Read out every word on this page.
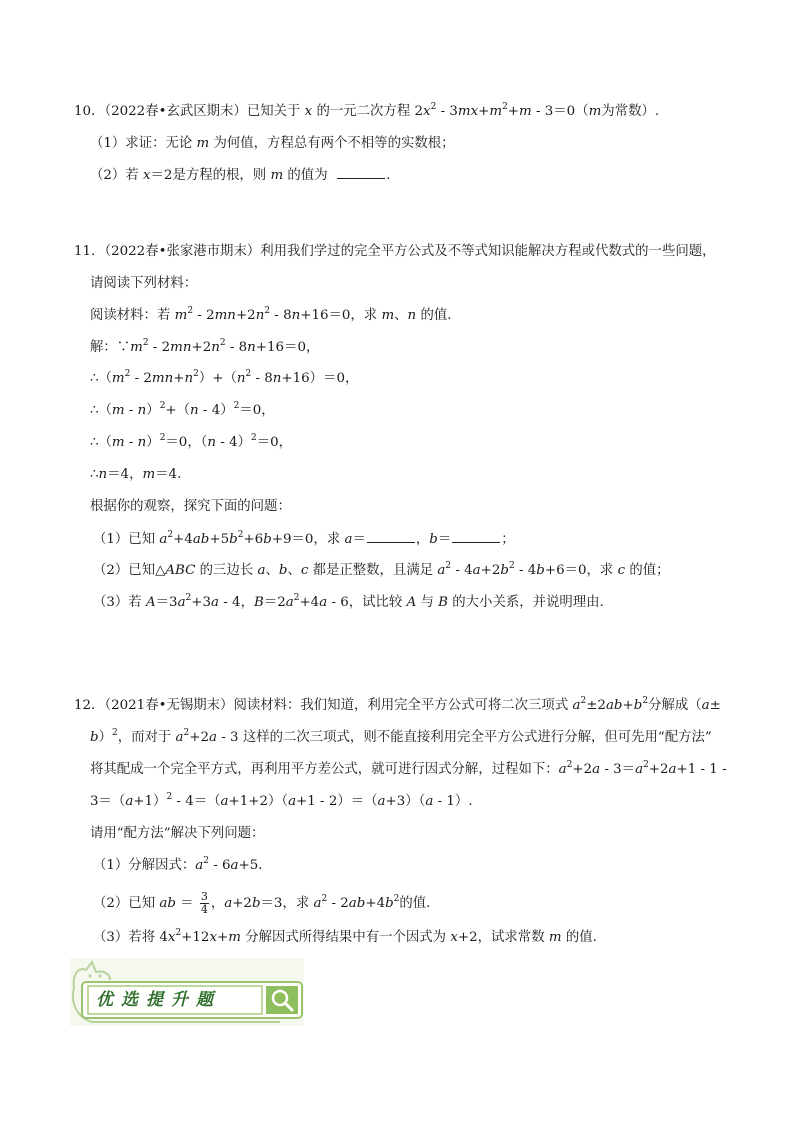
10．（2022春•玄武区期末）已知关于 x 的一元二次方程 $2x^2 - 3mx+m^2+m - 3=0(m$为常数）.
（1）求证：无论 m 为何值，方程总有两个不相等的实数根；
（2）若 x＝2是方程的根，则 m 的值为	.
11．（2022春•张家港市期末）利用我们学过的完全平方公式及不等式知识能解决方程或代数式的一些问题，
请阅读下列材料：
阅读材料：若 $m^2 - 2mn+2n^2 - 8n+16=0$，求 m、n 的值.
解：$\because m^2 - 2mn+2n^2 - 8n+16=0$，
$\therefore(m^2 - 2mn+n^2)+(n^2 - 8n+16)=0$，
∴（m - n）$^2$+（n - 4）$^2$＝0，
∴（m - n）$^2$＝0，（n - 4）$^2$＝0，
∴n＝4，m＝4.
根据你的观察，探究下面的问题：
（1）已知 $a^2+4ab+5b^2+6b+9=0$，求 a＝	，b＝	；
（2）已知△ABC 的三边长 a、b、c 都是正整数，且满足 $a^2 - 4a+2b^2 - 4b+6=0$，求 c 的值；
（3）若 $A=3a^2+3a - 4$，$B=2a^2+4a - 6$，试比较 A 与 B 的大小关系，并说明理由.
12．（2021春•无锡期末）阅读材料：我们知道，利用完全平方公式可将二次三项式 $a^2\pm 2ab+b^2$分解成（a±
b）$^2$，而对于 $a^2+2a - 3$ 这样的二次三项式，则不能直接利用完全平方公式进行分解，但可先用“配方法”
将其配成一个完全平方式，再利用平方差公式，就可进行因式分解，过程如下：$a^2+2a - 3=a^2+2a+1 - 1$ -
$3=(a+1)^2 - 4=(a+1+2)(a+1 - 2)=(a+3)(a - 1)$.
请用“配方法”解决下列问题：
（1）分解因式：$a^2 - 6a+5$.
（2）已知 ab ＝ $\frac{3}{4}$ ，a+2b＝3，求 $a^2 - 2ab+4b^2$的值.
（3）若将 $4x^2+12x+m$ 分解因式所得结果中有一个因式为 x+2，试求常数 m 的值.
优选提升题
